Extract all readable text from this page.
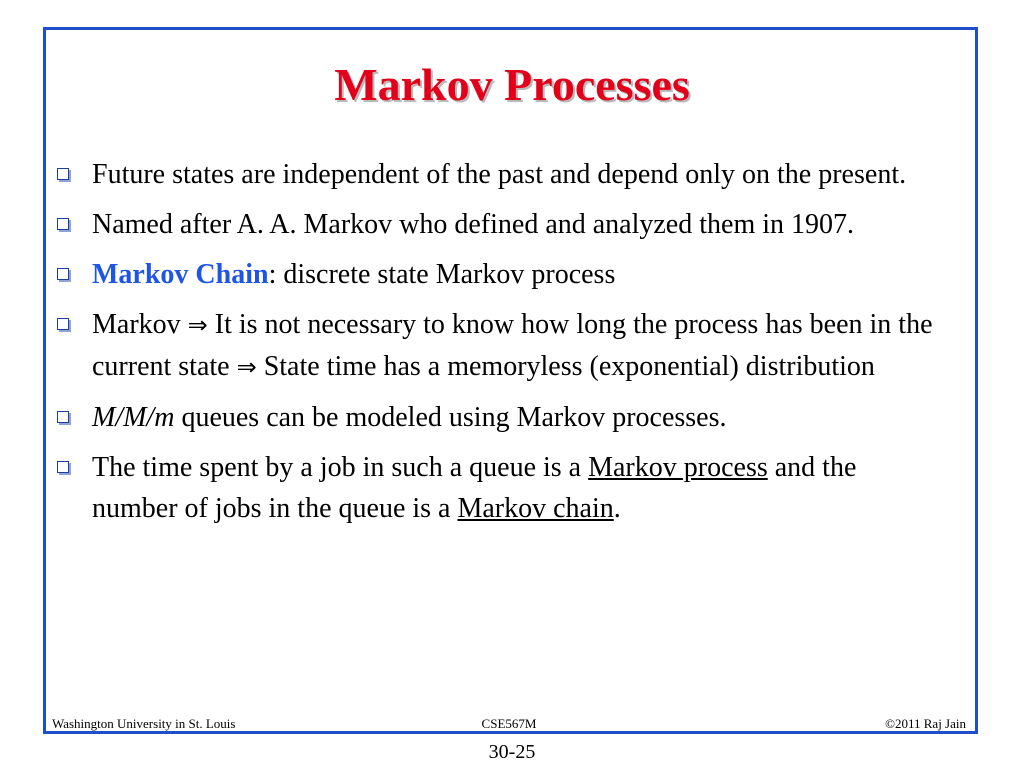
Markov Processes
Future states are independent of the past and depend only on the present.
Named after A. A. Markov who defined and analyzed them in 1907.
Markov Chain: discrete state Markov process
Markov ⇒ It is not necessary to know how long the process has been in the current state ⇒ State time has a memoryless (exponential) distribution
M/M/m queues can be modeled using Markov processes.
The time spent by a job in such a queue is a Markov process and the number of jobs in the queue is a Markov chain.
Washington University in St. Louis	CSE567M	©2011 Raj Jain
30-25
